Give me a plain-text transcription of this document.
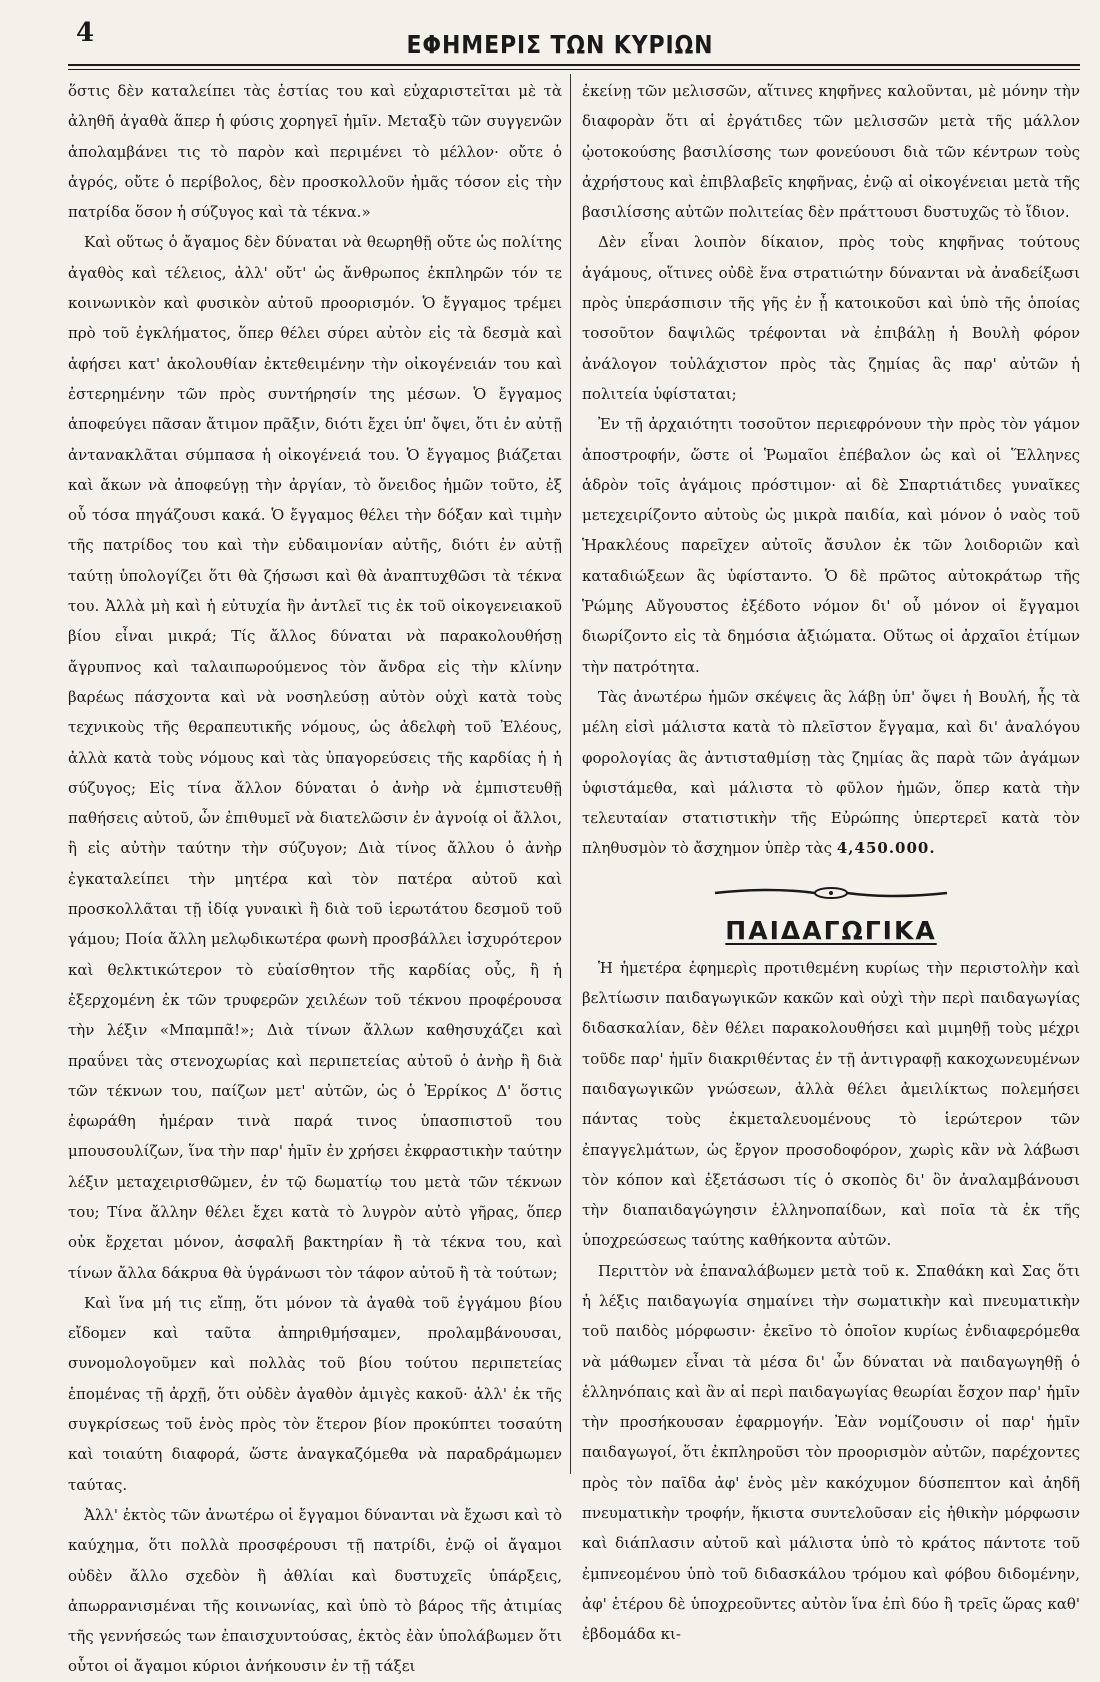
4	ΕΦΗΜΕΡΙΣ ΤΩΝ ΚΥΡΙΩΝ

ὅστις δὲν καταλείπει τὰς ἑστίας του καὶ εὐχαριστεῖται μὲ τὰ ἀληθῆ ἀγαθὰ ἅπερ ἡ φύσις χορηγεῖ ἡμῖν. Μεταξὺ τῶν συγγενῶν ἀπολαμβάνει τις τὸ παρὸν καὶ περιμένει τὸ μέλλον· οὔτε ὁ ἀγρός, οὔτε ὁ περίβολος, δὲν προσκολλοῦν ἡμᾶς τόσον εἰς τὴν πατρίδα ὅσον ἡ σύζυγος καὶ τὰ τέκνα.»

Καὶ οὕτως ὁ ἄγαμος δὲν δύναται νὰ θεωρηθῇ οὔτε ὡς πολίτης ἀγαθὸς καὶ τέλειος, ἀλλ' οὔτ' ὡς ἄνθρωπος ἐκπληρῶν τόν τε κοινωνικὸν καὶ φυσικὸν αὐτοῦ προορισμόν. Ὁ ἔγγαμος τρέμει πρὸ τοῦ ἐγκλήματος, ὅπερ θέλει σύρει αὐτὸν εἰς τὰ δεσμὰ καὶ ἀφήσει κατ' ἀκολουθίαν ἐκτεθειμένην τὴν οἰκογένειάν του καὶ ἐστερημένην τῶν πρὸς συντήρησίν της μέσων. Ὁ ἔγγαμος ἀποφεύγει πᾶσαν ἄτιμον πρᾶξιν, διότι ἔχει ὑπ' ὄψει, ὅτι ἐν αὐτῇ ἀντανακλᾶται σύμπασα ἡ οἰκογένειά του. Ὁ ἔγγαμος βιάζεται καὶ ἄκων νὰ ἀποφεύγῃ τὴν ἀργίαν, τὸ ὄνειδος ἡμῶν τοῦτο, ἐξ οὗ τόσα πηγάζουσι κακά. Ὁ ἔγγαμος θέλει τὴν δόξαν καὶ τιμὴν τῆς πατρίδος του καὶ τὴν εὐδαιμονίαν αὐτῆς, διότι ἐν αὐτῇ ταύτῃ ὑπολογίζει ὅτι θὰ ζήσωσι καὶ θὰ ἀναπτυχθῶσι τὰ τέκνα του. Ἀλλὰ μὴ καὶ ἡ εὐτυχία ἣν ἀντλεῖ τις ἐκ τοῦ οἰκογενειακοῦ βίου εἶναι μικρά; Τίς ἄλλος δύναται νὰ παρακολουθήσῃ ἄγρυπνος καὶ ταλαιπωρούμενος τὸν ἄνδρα εἰς τὴν κλίνην βαρέως πάσχοντα καὶ νὰ νοσηλεύσῃ αὐτὸν οὐχὶ κατὰ τοὺς τεχνικοὺς τῆς θεραπευτικῆς νόμους, ὡς ἀδελφὴ τοῦ Ἐλέους, ἀλλὰ κατὰ τοὺς νόμους καὶ τὰς ὑπαγορεύσεις τῆς καρδίας ἡ ἡ σύζυγος; Εἰς τίνα ἄλλον δύναται ὁ ἀνὴρ νὰ ἐμπιστευθῇ παθήσεις αὐτοῦ, ὧν ἐπιθυμεῖ νὰ διατελῶσιν ἐν ἀγνοίᾳ οἱ ἄλλοι, ἢ εἰς αὐτὴν ταύτην τὴν σύζυγον; Διὰ τίνος ἄλλου ὁ ἀνὴρ ἐγκαταλείπει τὴν μητέρα καὶ τὸν πατέρα αὐτοῦ καὶ προσκολλᾶται τῇ ἰδίᾳ γυναικὶ ἢ διὰ τοῦ ἱερωτάτου δεσμοῦ τοῦ γάμου; Ποία ἄλλη μελῳδικωτέρα φωνὴ προσβάλλει ἰσχυρότερον καὶ θελκτικώτερον τὸ εὐαίσθητον τῆς καρδίας οὖς, ἢ ἡ ἐξερχομένη ἐκ τῶν τρυφερῶν χειλέων τοῦ τέκνου προφέρουσα τὴν λέξιν «Μπαμπᾶ!»; Διὰ τίνων ἄλλων καθησυχάζει καὶ πραΰνει τὰς στενοχωρίας καὶ περιπετείας αὐτοῦ ὁ ἀνὴρ ἢ διὰ τῶν τέκνων του, παίζων μετ' αὐτῶν, ὡς ὁ Ἐρρίκος Δ' ὅστις ἐφωράθη ἡμέραν τινὰ παρά τινος ὑπασπιστοῦ του μπουσουλίζων, ἵνα τὴν παρ' ἡμῖν ἐν χρήσει ἐκφραστικὴν ταύτην λέξιν μεταχειρισθῶμεν, ἐν τῷ δωματίῳ του μετὰ τῶν τέκνων του; Τίνα ἄλλην θέλει ἔχει κατὰ τὸ λυγρὸν αὐτὸ γῆρας, ὅπερ οὐκ ἔρχεται μόνον, ἀσφαλῆ βακτηρίαν ἢ τὰ τέκνα του, καὶ τίνων ἄλλα δάκρυα θὰ ὑγράνωσι τὸν τάφον αὐτοῦ ἢ τὰ τούτων;

Καὶ ἵνα μή τις εἴπῃ, ὅτι μόνον τὰ ἀγαθὰ τοῦ ἐγγάμου βίου εἴδομεν καὶ ταῦτα ἀπηριθμήσαμεν, προλαμβάνουσαι, συνομολογοῦμεν καὶ πολλὰς τοῦ βίου τούτου περιπετείας ἑπομένας τῇ ἀρχῇ, ὅτι οὐδὲν ἀγαθὸν ἀμιγὲς κακοῦ· ἀλλ' ἐκ τῆς συγκρίσεως τοῦ ἑνὸς πρὸς τὸν ἕτερον βίον προκύπτει τοσαύτη καὶ τοιαύτη διαφορά, ὥστε ἀναγκαζόμεθα νὰ παραδράμωμεν ταύτας.

Ἀλλ' ἐκτὸς τῶν ἀνωτέρω οἱ ἔγγαμοι δύνανται νὰ ἔχωσι καὶ τὸ καύχημα, ὅτι πολλὰ προσφέρουσι τῇ πατρίδι, ἐνῷ οἱ ἄγαμοι οὐδὲν ἄλλο σχεδὸν ἢ ἀθλίαι καὶ δυστυχεῖς ὑπάρξεις, ἀπωρρανισμέναι τῆς κοινωνίας, καὶ ὑπὸ τὸ βάρος τῆς ἀτιμίας τῆς γεννήσεώς των ἐπαισχυντούσας, ἐκτὸς ἐὰν ὑπολάβωμεν ὅτι οὗτοι οἱ ἄγαμοι κύριοι ἀνήκουσιν ἐν τῇ τάξει

ἐκείνῃ τῶν μελισσῶν, αἵτινες κηφῆνες καλοῦνται, μὲ μόνην τὴν διαφορὰν ὅτι αἱ ἐργάτιδες τῶν μελισσῶν μετὰ τῆς μάλλον ᾠοτοκούσης βασιλίσσης των φονεύουσι διὰ τῶν κέντρων τοὺς ἀχρήστους καὶ ἐπιβλαβεῖς κηφῆνας, ἐνῷ αἱ οἰκογένειαι μετὰ τῆς βασιλίσσης αὐτῶν πολιτείας δὲν πράττουσι δυστυχῶς τὸ ἴδιον.

Δὲν εἶναι λοιπὸν δίκαιον, πρὸς τοὺς κηφῆνας τούτους ἀγάμους, οἵτινες οὐδὲ ἕνα στρατιώτην δύνανται νὰ ἀναδείξωσι πρὸς ὑπεράσπισιν τῆς γῆς ἐν ᾗ κατοικοῦσι καὶ ὑπὸ τῆς ὁποίας τοσοῦτον δαψιλῶς τρέφονται νὰ ἐπιβάλῃ ἡ Βουλὴ φόρον ἀνάλογον τοὐλάχιστον πρὸς τὰς ζημίας ἃς παρ' αὐτῶν ἡ πολιτεία ὑφίσταται;

Ἐν τῇ ἀρχαιότητι τοσοῦτον περιεφρόνουν τὴν πρὸς τὸν γάμον ἀποστροφήν, ὥστε οἱ Ῥωμαῖοι ἐπέβαλον ὡς καὶ οἱ Ἕλληνες ἁδρὸν τοῖς ἀγάμοις πρόστιμον· αἱ δὲ Σπαρτιάτιδες γυναῖκες μετεχειρίζοντο αὐτοὺς ὡς μικρὰ παιδία, καὶ μόνον ὁ ναὸς τοῦ Ἡρακλέους παρεῖχεν αὐτοῖς ἄσυλον ἐκ τῶν λοιδοριῶν καὶ καταδιώξεων ἃς ὑφίσταντο. Ὁ δὲ πρῶτος αὐτοκράτωρ τῆς Ῥώμης Αὔγουστος ἐξέδοτο νόμον δι' οὗ μόνον οἱ ἔγγαμοι διωρίζοντο εἰς τὰ δημόσια ἀξιώματα. Οὕτως οἱ ἀρχαῖοι ἐτίμων τὴν πατρότητα.

Τὰς ἀνωτέρω ἡμῶν σκέψεις ἃς λάβῃ ὑπ' ὄψει ἡ Βουλή, ἧς τὰ μέλη εἰσὶ μάλιστα κατὰ τὸ πλεῖστον ἔγγαμα, καὶ δι' ἀναλόγου φορολογίας ἃς ἀντισταθμίσῃ τὰς ζημίας ἃς παρὰ τῶν ἀγάμων ὑφιστάμεθα, καὶ μάλιστα τὸ φῦλον ἡμῶν, ὅπερ κατὰ τὴν τελευταίαν στατιστικὴν τῆς Εὐρώπης ὑπερτερεῖ κατὰ τὸν πληθυσμὸν τὸ ἄσχημον ὑπὲρ τὰς 4,450.000.

ΠΑΙΔΑΓΩΓΙΚΑ

Ἡ ἡμετέρα ἐφημερὶς προτιθεμένη κυρίως τὴν περιστολὴν καὶ βελτίωσιν παιδαγωγικῶν κακῶν καὶ οὐχὶ τὴν περὶ παιδαγωγίας διδασκαλίαν, δὲν θέλει παρακολουθήσει καὶ μιμηθῇ τοὺς μέχρι τοῦδε παρ' ἡμῖν διακριθέντας ἐν τῇ ἀντιγραφῇ κακοχωνευμένων παιδαγωγικῶν γνώσεων, ἀλλὰ θέλει ἀμειλίκτως πολεμήσει πάντας τοὺς ἐκμεταλευομένους τὸ ἱερώτερον τῶν ἐπαγγελμάτων, ὡς ἔργον προσοδοφόρον, χωρὶς κἂν νὰ λάβωσι τὸν κόπον καὶ ἐξετάσωσι τίς ὁ σκοπὸς δι' ὃν ἀναλαμβάνουσι τὴν διαπαιδαγώγησιν ἑλληνοπαίδων, καὶ ποῖα τὰ ἐκ τῆς ὑποχρεώσεως ταύτης καθήκοντα αὐτῶν.

Περιττὸν νὰ ἐπαναλάβωμεν μετὰ τοῦ κ. Σπαθάκη καὶ Σας ὅτι ἡ λέξις παιδαγωγία σημαίνει τὴν σωματικὴν καὶ πνευματικὴν τοῦ παιδὸς μόρφωσιν· ἐκεῖνο τὸ ὁποῖον κυρίως ἐνδιαφερόμεθα νὰ μάθωμεν εἶναι τὰ μέσα δι' ὧν δύναται νὰ παιδαγωγηθῇ ὁ ἑλληνόπαις καὶ ἂν αἱ περὶ παιδαγωγίας θεωρίαι ἔσχον παρ' ἡμῖν τὴν προσήκουσαν ἐφαρμογήν. Ἐὰν νομίζουσιν οἱ παρ' ἡμῖν παιδαγωγοί, ὅτι ἐκπληροῦσι τὸν προορισμὸν αὐτῶν, παρέχοντες πρὸς τὸν παῖδα ἀφ' ἑνὸς μὲν κακόχυμον δύσπεπτον καὶ ἀηδῆ πνευματικὴν τροφήν, ἥκιστα συντελοῦσαν εἰς ἠθικὴν μόρφωσιν καὶ διάπλασιν αὐτοῦ καὶ μάλιστα ὑπὸ τὸ κράτος πάντοτε τοῦ ἐμπνεομένου ὑπὸ τοῦ διδασκάλου τρόμου καὶ φόβου διδομένην, ἀφ' ἑτέρου δὲ ὑποχρεοῦντες αὐτὸν ἵνα ἐπὶ δύο ἢ τρεῖς ὥρας καθ' ἑβδομάδα κι-
